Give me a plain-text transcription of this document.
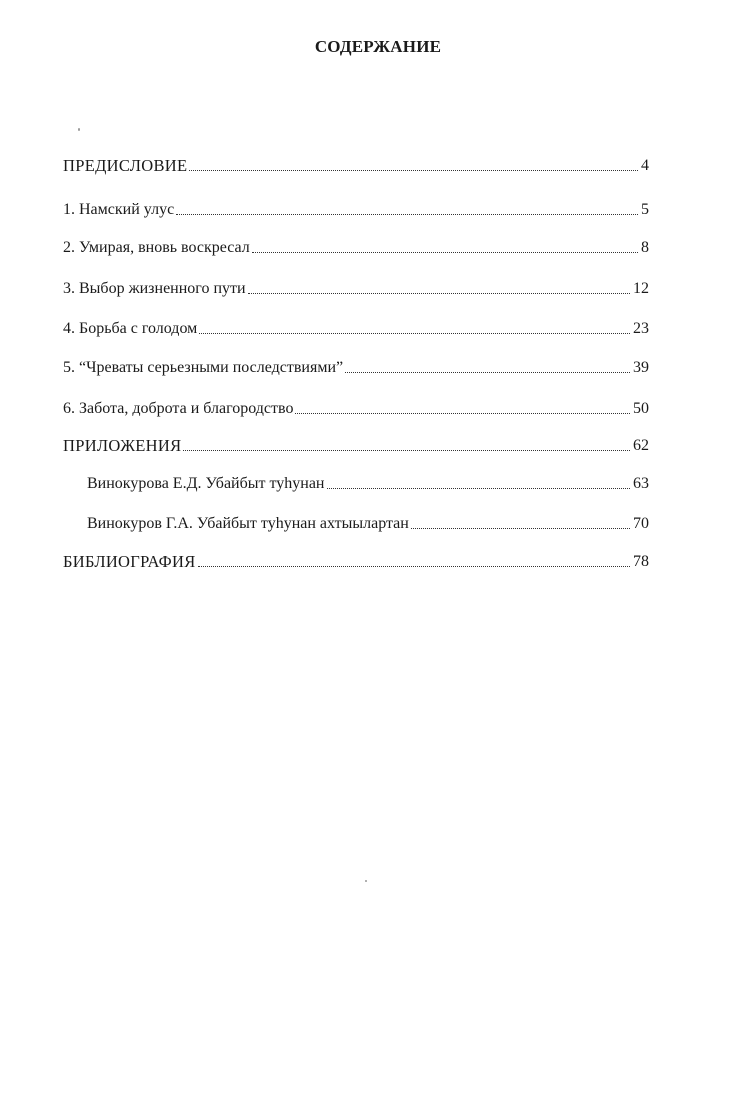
СОДЕРЖАНИЕ
ПРЕДИСЛОВИЕ	4
1. Намский улус	5
2. Умирая, вновь воскресал	8
3. Выбор жизненного пути	12
4. Борьба с голодом	23
5. “Чреваты серьезными последствиями”	39
6. Забота, доброта и благородство	50
ПРИЛОЖЕНИЯ	62
Винокурова Е.Д. Убайбыт туhунан	63
Винокуров Г.А. Убайбыт туhунан ахтыылартан	70
БИБЛИОГРАФИЯ	78
